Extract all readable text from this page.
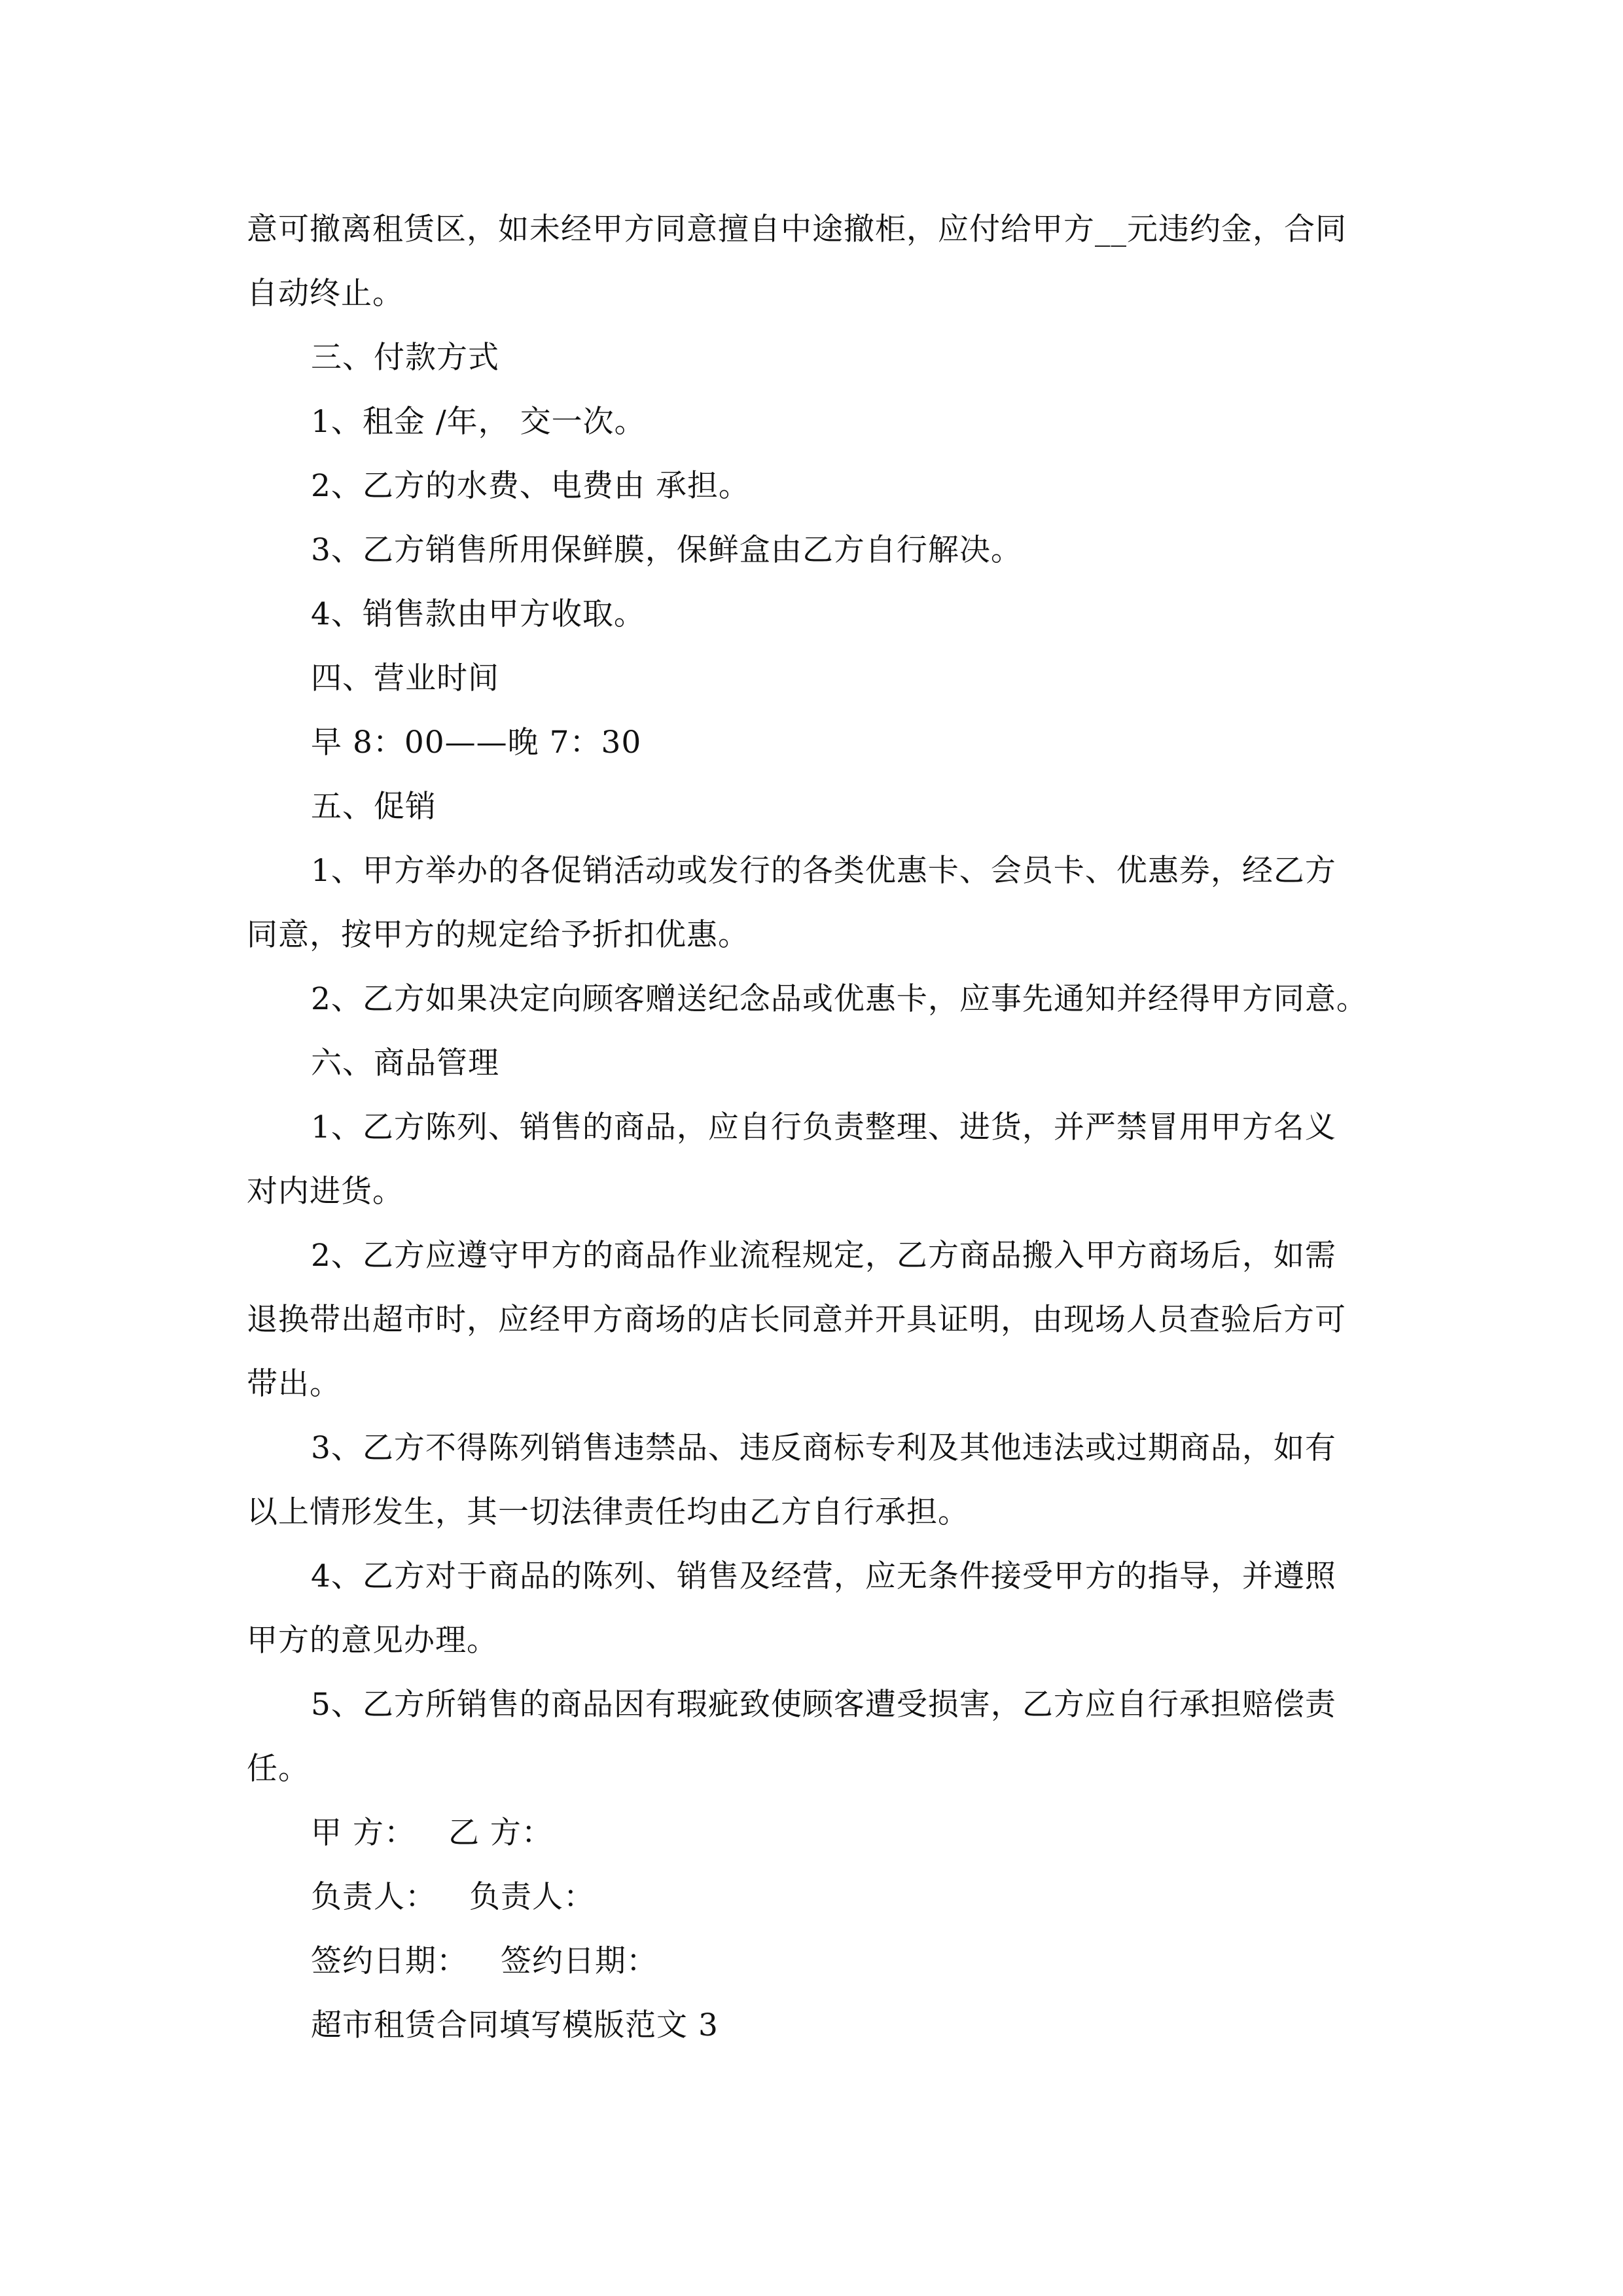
意可撤离租赁区，如未经甲方同意擅自中途撤柜，应付给甲方__元违约金，合同
自动终止。
三、付款方式
1、租金 /年， 交一次。
2、乙方的水费、电费由 承担。
3、乙方销售所用保鲜膜，保鲜盒由乙方自行解决。
4、销售款由甲方收取。
四、营业时间
早 8：00——晚 7：30
五、促销
1、甲方举办的各促销活动或发行的各类优惠卡、会员卡、优惠券，经乙方
同意，按甲方的规定给予折扣优惠。
2、乙方如果决定向顾客赠送纪念品或优惠卡，应事先通知并经得甲方同意。
六、商品管理
1、乙方陈列、销售的商品，应自行负责整理、进货，并严禁冒用甲方名义
对内进货。
2、乙方应遵守甲方的商品作业流程规定，乙方商品搬入甲方商场后，如需
退换带出超市时，应经甲方商场的店长同意并开具证明，由现场人员查验后方可
带出。
3、乙方不得陈列销售违禁品、违反商标专利及其他违法或过期商品，如有
以上情形发生，其一切法律责任均由乙方自行承担。
4、乙方对于商品的陈列、销售及经营，应无条件接受甲方的指导，并遵照
甲方的意见办理。
5、乙方所销售的商品因有瑕疵致使顾客遭受损害，乙方应自行承担赔偿责
任。
甲 方： 乙 方：
负责人： 负责人：
签约日期： 签约日期：
超市租赁合同填写模版范文 3
